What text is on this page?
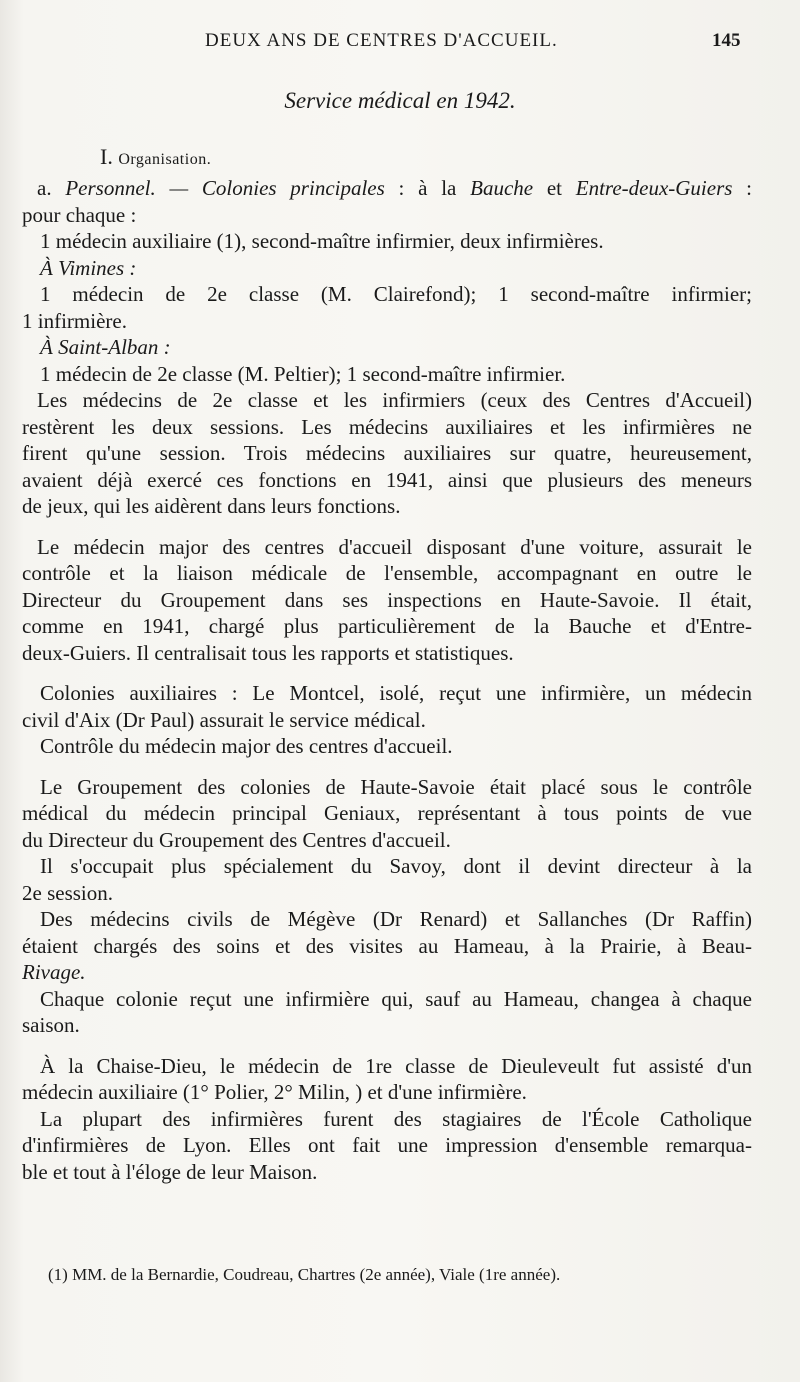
DEUX ANS DE CENTRES D'ACCUEIL.	145
Service médical en 1942.
I. Organisation.
a. Personnel. — Colonies principales : à la Bauche et Entre-deux-Guiers :
pour chaque :
1 médecin auxiliaire (1), second-maître infirmier, deux infirmières.
À Vimines :
1 médecin de 2e classe (M. Clairefond); 1 second-maître infirmier;
1 infirmière.
À Saint-Alban :
1 médecin de 2e classe (M. Peltier); 1 second-maître infirmier.
Les médecins de 2e classe et les infirmiers (ceux des Centres d'Accueil)
restèrent les deux sessions. Les médecins auxiliaires et les infirmières ne
firent qu'une session. Trois médecins auxiliaires sur quatre, heureusement,
avaient déjà exercé ces fonctions en 1941, ainsi que plusieurs des meneurs
de jeux, qui les aidèrent dans leurs fonctions.
Le médecin major des centres d'accueil disposant d'une voiture, assurait le
contrôle et la liaison médicale de l'ensemble, accompagnant en outre le
Directeur du Groupement dans ses inspections en Haute-Savoie. Il était,
comme en 1941, chargé plus particulièrement de la Bauche et d'Entre-
deux-Guiers. Il centralisait tous les rapports et statistiques.
Colonies auxiliaires : Le Montcel, isolé, reçut une infirmière, un médecin
civil d'Aix (Dr Paul) assurait le service médical.
Contrôle du médecin major des centres d'accueil.
Le Groupement des colonies de Haute-Savoie était placé sous le contrôle
médical du médecin principal Geniaux, représentant à tous points de vue
du Directeur du Groupement des Centres d'accueil.
Il s'occupait plus spécialement du Savoy, dont il devint directeur à la
2e session.
Des médecins civils de Mégève (Dr Renard) et Sallanches (Dr Raffin)
étaient chargés des soins et des visites au Hameau, à la Prairie, à Beau-
Rivage.
Chaque colonie reçut une infirmière qui, sauf au Hameau, changea à chaque
saison.
À la Chaise-Dieu, le médecin de 1re classe de Dieuleveult fut assisté d'un
médecin auxiliaire (1° Polier, 2° Milin, ) et d'une infirmière.
La plupart des infirmières furent des stagiaires de l'École Catholique
d'infirmières de Lyon. Elles ont fait une impression d'ensemble remarqua-
ble et tout à l'éloge de leur Maison.
(1) MM. de la Bernardie, Coudreau, Chartres (2e année), Viale (1re année).
